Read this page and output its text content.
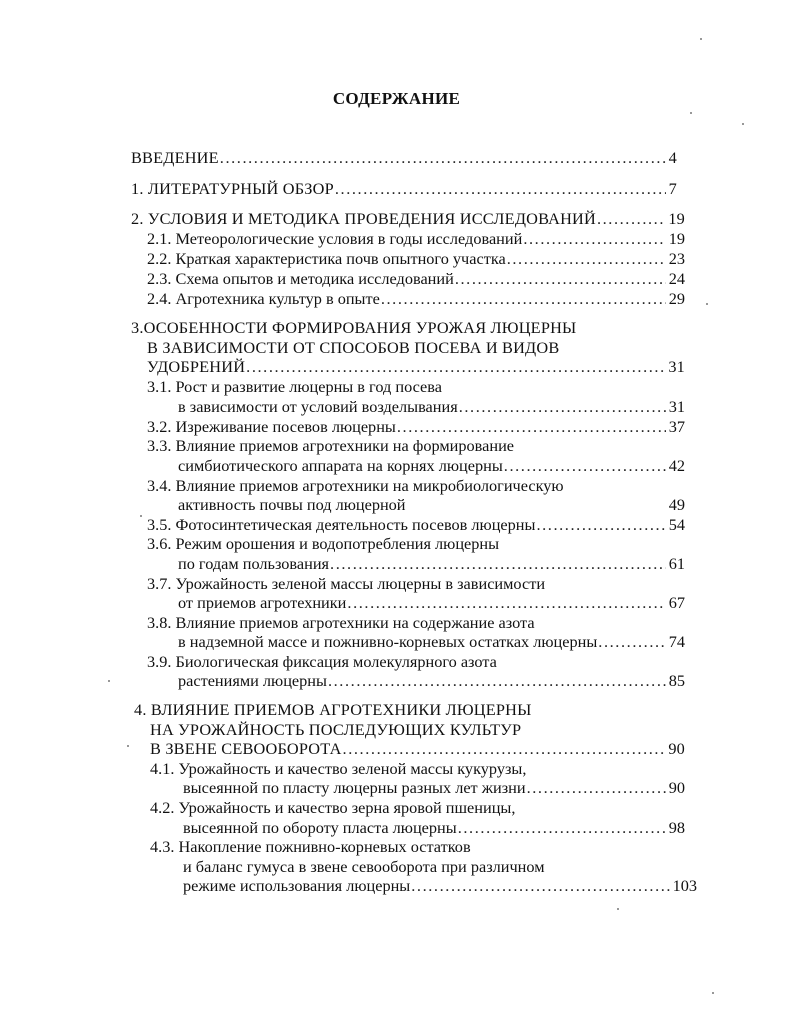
СОДЕРЖАНИЕ
ВВЕДЕНИЕ .....	4
1. ЛИТЕРАТУРНЫЙ ОБЗОР .....	7
2. УСЛОВИЯ И МЕТОДИКА ПРОВЕДЕНИЯ ИССЛЕДОВАНИЙ .....	19
2.1.
Метеорологические условия в годы исследований .....	19
2.2.
Краткая характеристика почв опытного участка .....	23
2.3.
Схема опытов и методика исследований .....	24
2.4.
Агротехника культур в опыте .....	29
3.ОСОБЕННОСТИ ФОРМИРОВАНИЯ УРОЖАЯ ЛЮЦЕРНЫ
В ЗАВИСИМОСТИ ОТ СПОСОБОВ ПОСЕВА И ВИДОВ
УДОБРЕНИЙ .....	31
3.1. Рост и развитие люцерны в год посева
в зависимости от условий возделывания .....	31
3.2.
Изреживание посевов люцерны .....	37
3.3. Влияние приемов агротехники на формирование
симбиотического аппарата на корнях люцерны .....	42
3.4. Влияние приемов агротехники на микробиологическую
активность почвы под люцерной	49
3.5.
Фотосинтетическая деятельность посевов люцерны .....	54
3.6. Режим орошения и водопотребления люцерны
по годам пользования .....	61
3.7. Урожайность зеленой массы люцерны в зависимости
от приемов агротехники .....	67
3.8. Влияние приемов агротехники на содержание азота
в надземной массе и пожнивно-корневых остатках люцерны .....	74
3.9. Биологическая фиксация молекулярного азота
растениями люцерны .....	85
4. ВЛИЯНИЕ ПРИЕМОВ АГРОТЕХНИКИ ЛЮЦЕРНЫ
НА УРОЖАЙНОСТЬ ПОСЛЕДУЮЩИХ КУЛЬТУР
В ЗВЕНЕ СЕВООБОРОТА .....	90
4.1. Урожайность и качество зеленой массы кукурузы,
высеянной по пласту люцерны разных лет жизни .....	90
4.2. Урожайность и качество зерна яровой пшеницы,
высеянной по обороту пласта люцерны .....	98
4.3. Накопление пожнивно-корневых остатков
и баланс гумуса в звене севооборота при различном
режиме использования люцерны .....	103
